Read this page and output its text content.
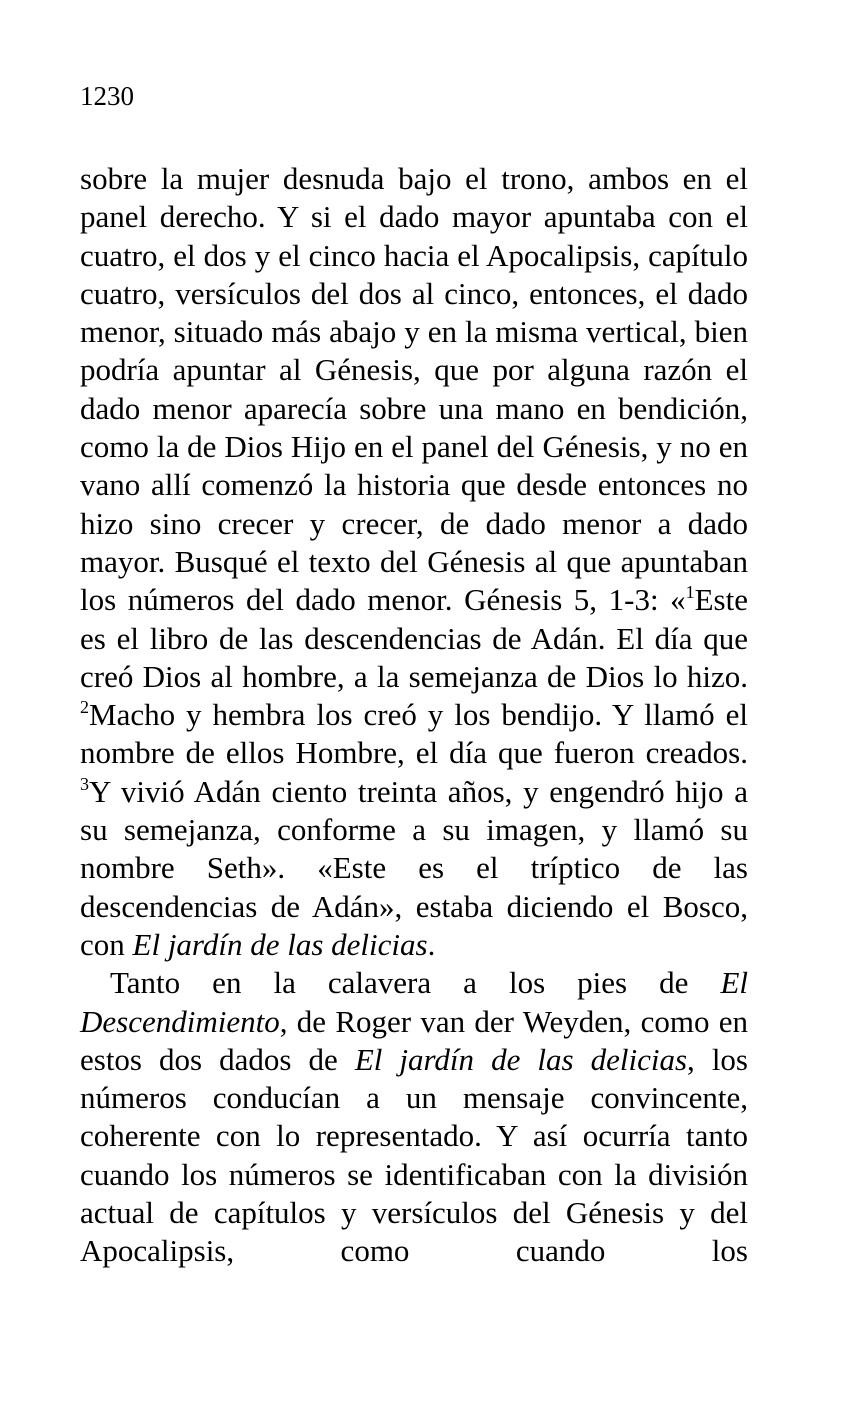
1230

sobre la mujer desnuda bajo el trono, ambos en el panel derecho. Y si el dado mayor apuntaba con el cuatro, el dos y el cinco hacia el Apocalipsis, capítulo cuatro, versículos del dos al cinco, entonces, el dado menor, situado más abajo y en la misma vertical, bien podría apuntar al Génesis, que por alguna razón el dado menor aparecía sobre una mano en bendición, como la de Dios Hijo en el panel del Génesis, y no en vano allí comenzó la historia que desde entonces no hizo sino crecer y crecer, de dado menor a dado mayor. Busqué el texto del Génesis al que apuntaban los números del dado menor. Génesis 5, 1-3: «$^1$Este es el libro de las descendencias de Adán. El día que creó Dios al hombre, a la semejanza de Dios lo hizo. $^2$Macho y hembra los creó y los bendijo. Y llamó el nombre de ellos Hombre, el día que fueron creados. $^3$Y vivió Adán ciento treinta años, y engendró hijo a su semejanza, conforme a su imagen, y llamó su nombre Seth». «Este es el tríptico de las descendencias de Adán», estaba diciendo el Bosco, con El jardín de las delicias.

Tanto en la calavera a los pies de El Descendimiento, de Roger van der Weyden, como en estos dos dados de El jardín de las delicias, los números conducían a un mensaje convincente, coherente con lo representado. Y así ocurría tanto cuando los números se identificaban con la división actual de capítulos y versículos del Génesis y del Apocalipsis, como cuando los
